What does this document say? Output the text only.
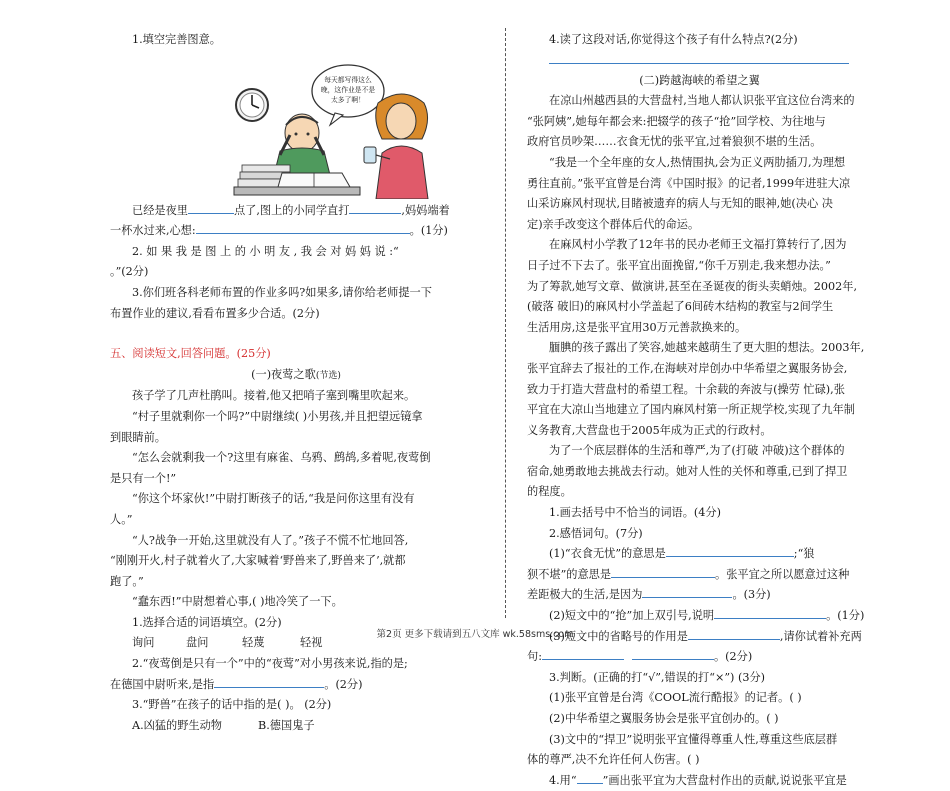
1.填空完善图意。

每天都写得这么
晚，这作业是不是
太多了啊！

已经是夜里	点了,图上的小同学直打	,妈妈端着

一杯水过来,心想:	。(1分)

2. 如 果 我 是 图 上 的 小 明 友 , 我 会 对 妈 妈 说 :“

。”(2分)

3.你们班各科老师布置的作业多吗?如果多,请你给老师提一下

布置作业的建议,看看布置多少合适。(2分)

五、阅读短文,回答问题。(25分)

(一)夜莺之歌(节选)

孩子学了几声杜鹃叫。接着,他又把哨子塞到嘴里吹起来。

“村子里就剩你一个吗?”中尉继续( )小男孩,并且把望远镜拿

到眼睛前。

“怎么会就剩我一个?这里有麻雀、乌鸦、鹧鸪,多着呢,夜莺倒

是只有一个!”

“你这个坏家伙!”中尉打断孩子的话,“我是问你这里有没有

人。”

“人?战争一开始,这里就没有人了。”孩子不慌不忙地回答,

“刚刚开火,村子就着火了,大家喊着‘野兽来了,野兽来了’,就都

跑了。”

“蠢东西!”中尉想着心事,( )地冷笑了一下。

1.选择合适的词语填空。(2分)

询问	盘问	轻蔑	轻视

2.“夜莺倒是只有一个”中的“夜莺”对小男孩来说,指的是;

在德国中尉听来,是指	。(2分)

3.“野兽”在孩子的话中指的是( )。 (2分)

A.凶猛的野生动物	B.德国鬼子

4.读了这段对话,你觉得这个孩子有什么特点?(2分)

(二)跨越海峡的希望之翼

在凉山州越西县的大营盘村,当地人都认识张平宜这位台湾来的

“张阿姨”,她每年都会来:把辍学的孩子“抢”回学校、为往地与

政府官员吵架……衣食无忧的张平宜,过着狼狈不堪的生活。

“我是一个全年座的女人,热情围执,会为正义两肋插刀,为理想

勇往直前。”张平宜曾是台湾《中国时报》的记者,1999年进驻大凉

山采访麻风村现状,目睹被遗弃的病人与无知的眼神,她(决心 决

定)亲手改变这个群体后代的命运。

在麻风村小学教了12年书的民办老师王文福打算转行了,因为

日子过不下去了。张平宜出面挽留,“你千万别走,我来想办法。”

为了筹款,她写文章、做演讲,甚至在圣诞夜的街头卖蛸烛。2002年,

(破落 破旧)的麻风村小学盖起了6间砖木结构的教室与2间学生

生活用房,这是张平宜用30万元善款换来的。

腼腆的孩子露出了笑容,她越来越萌生了更大胆的想法。2003年,

张平宜辞去了报社的工作,在海峡对岸创办中华希望之翼服务协会,

致力于打造大营盘村的希望工程。十余载的奔波与(操劳 忙碌),张

平宜在大凉山当地建立了国内麻风村第一所正规学校,实现了九年制

义务教育,大营盘也于2005年成为正式的行政村。

为了一个底层群体的生活和尊严,为了(打破 冲破)这个群体的

宿命,她勇敢地去挑战去行动。她对人性的关怀和尊重,已到了捍卫

的程度。

1.画去括号中不恰当的词语。(4分)

2.感悟词句。(7分)

(1)“衣食无忧”的意思是	;“狼

狈不堪”的意思是	。张平宜之所以愿意过这种

差距极大的生活,是因为	。(3分)

(2)短文中的“抢”加上双引号,说明	。(1分)

(3)短文中的省略号的作用是	,请你试着补充两

句:	。(2分)

3.判断。(正确的打“√”,错误的打“×”) (3分)

(1)张平宜曾是台湾《COOL流行酷报》的记者。( )

(2)中华希望之翼服务协会是张平宜创办的。( )

(3)文中的“捍卫”说明张平宜懂得尊重人性,尊重这些底层群

体的尊严,决不允许任何人伤害。( )

4.用“ ”画出张平宜为大营盘村作出的贡献,说说张平宜是

第2页 更多下载请到五八文库 wk.58sms.com
